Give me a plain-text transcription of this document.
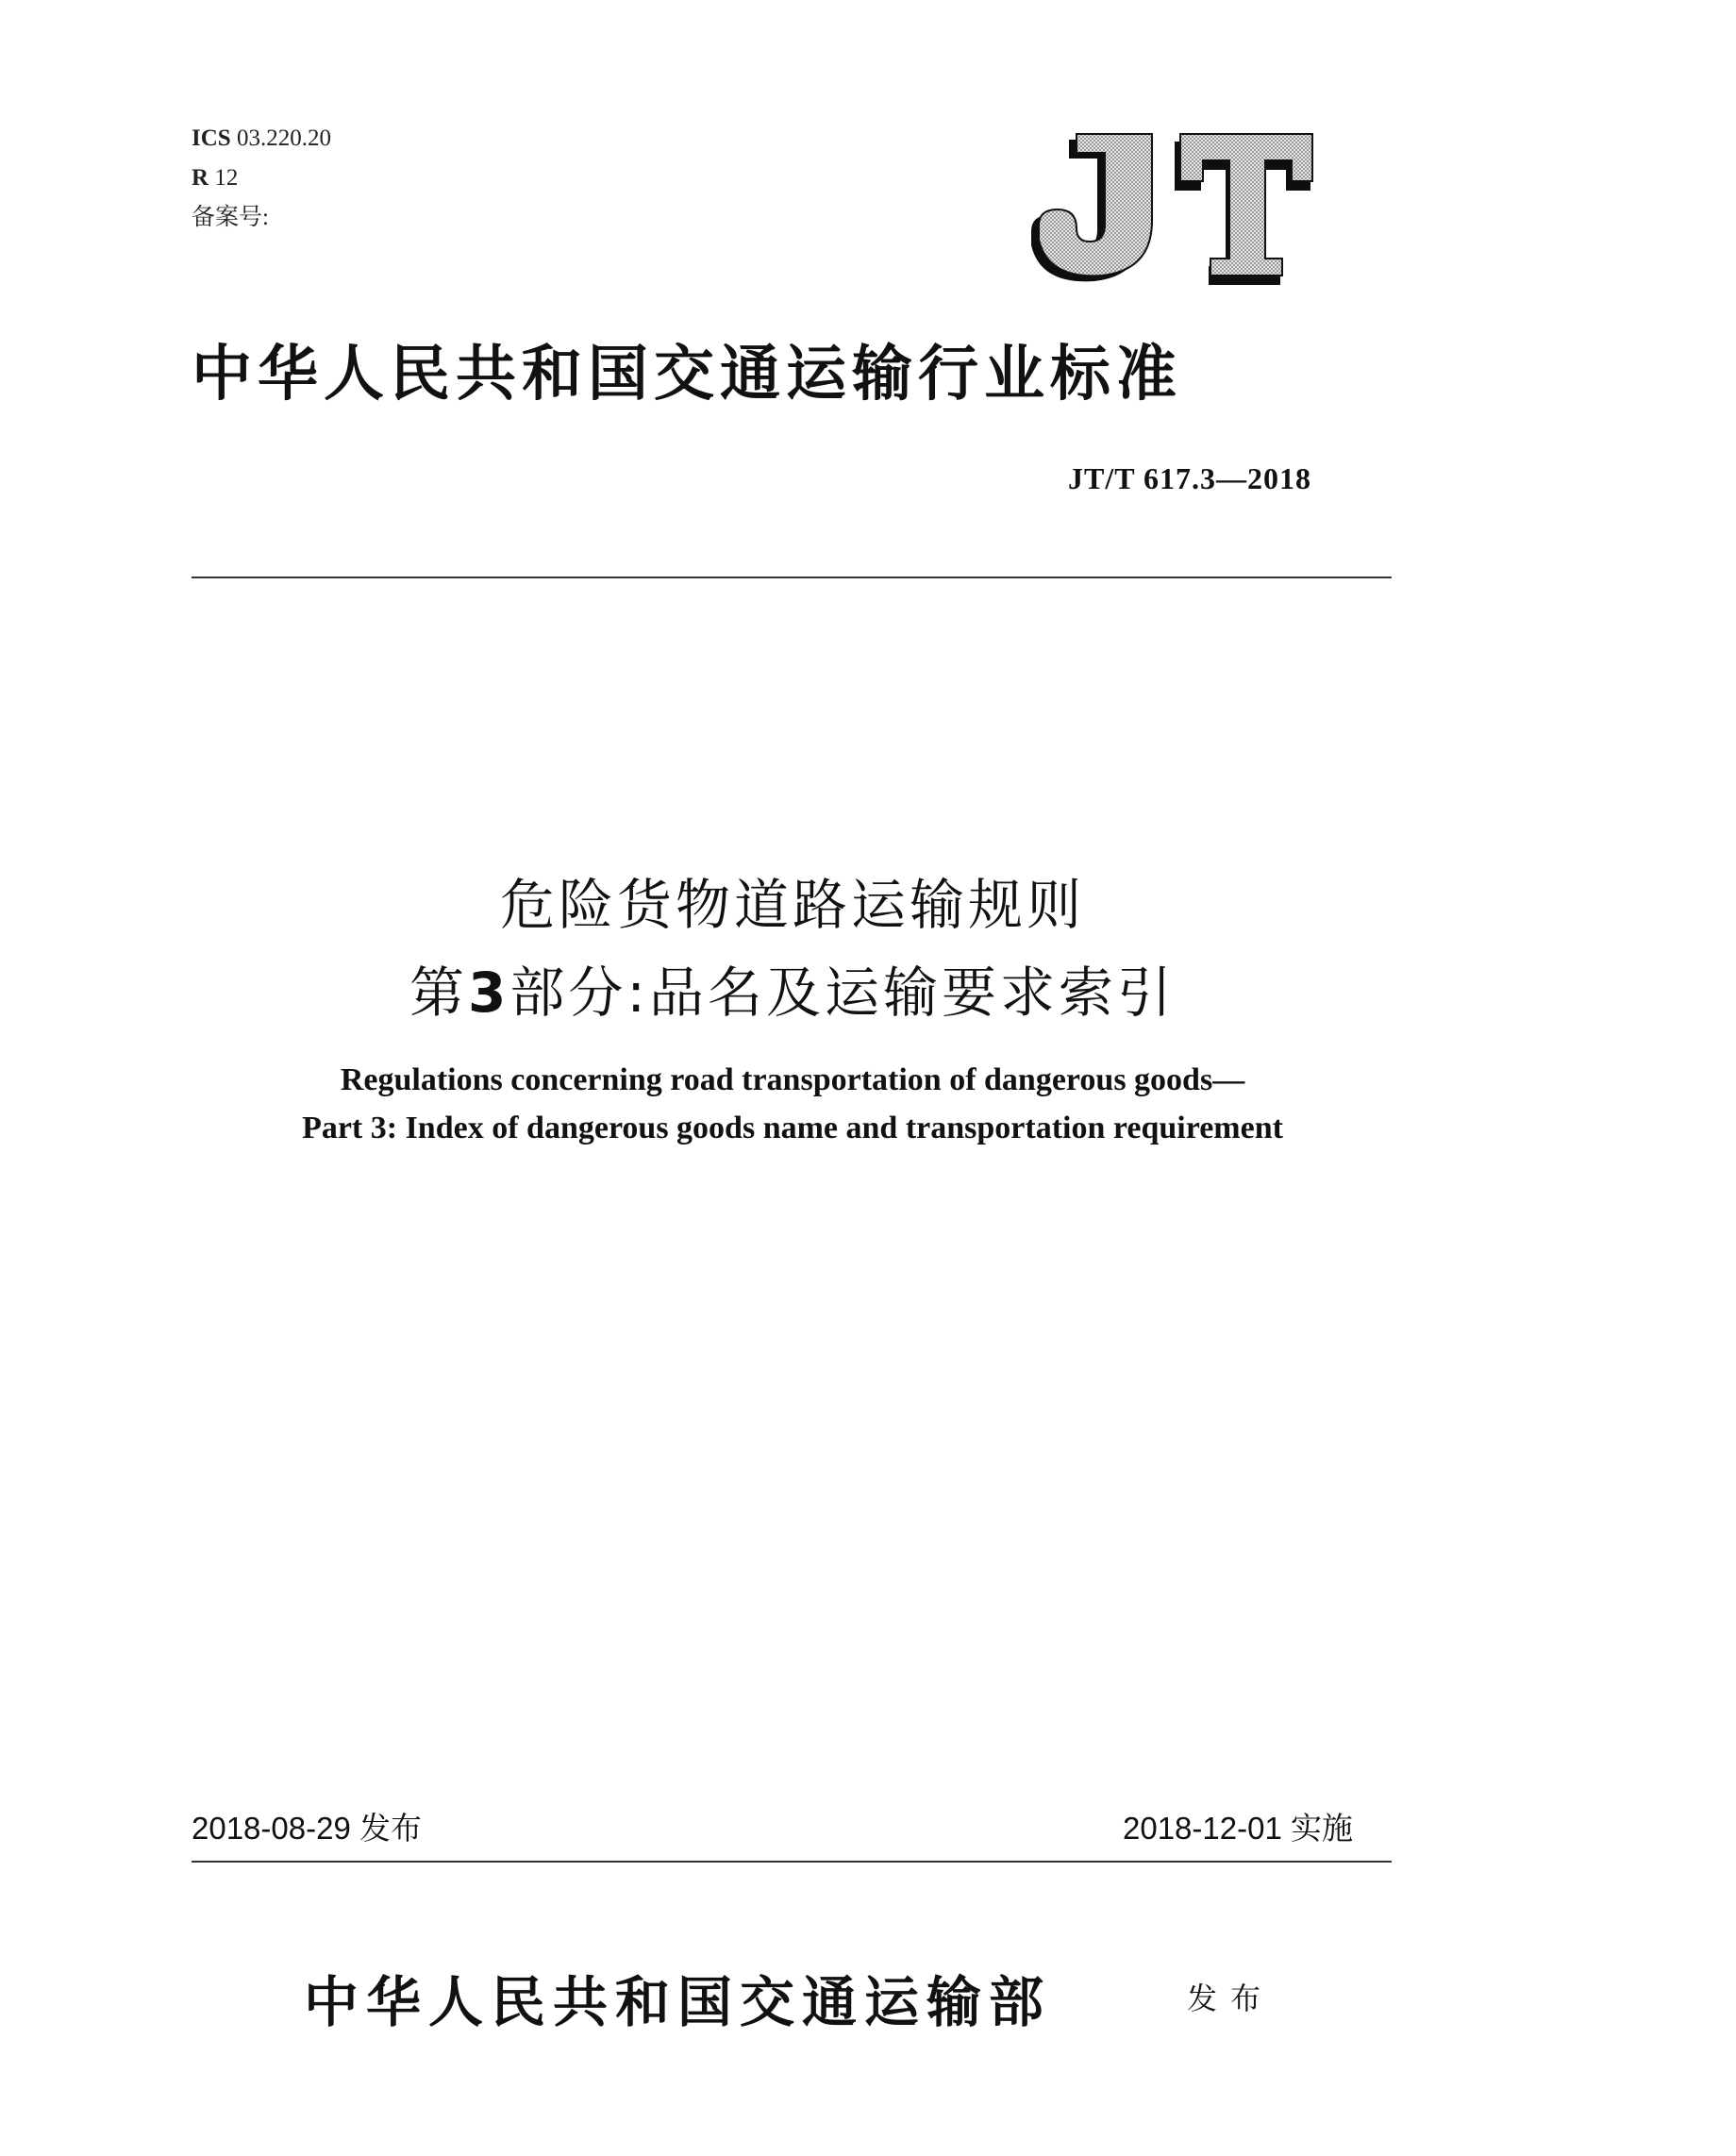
ICS 03.220.20
R 12
备案号:
中华人民共和国交通运输行业标准
JT/T 617.3—2018
危险货物道路运输规则
第3部分:品名及运输要求索引
Regulations concerning road transportation of dangerous goods—
Part 3: Index of dangerous goods name and transportation requirement
2018-08-29 发布	2018-12-01 实施
中华人民共和国交通运输部	发布
